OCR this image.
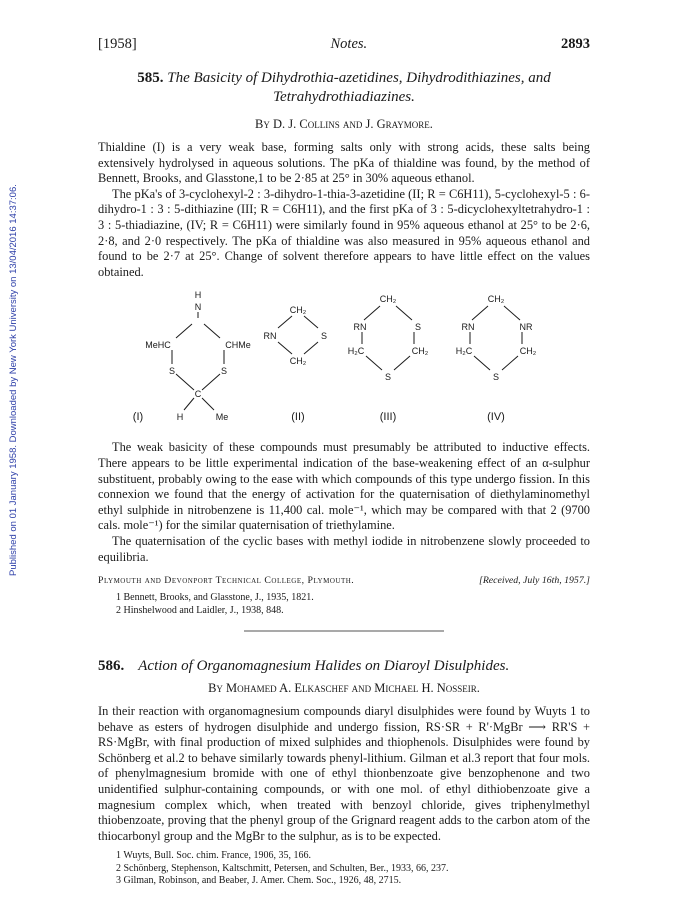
Published on 01 January 1958. Downloaded by New York University on 13/04/2016 14:37:06.
[1958]	Notes.	2893
585. The Basicity of Dihydrothia-azetidines, Dihydrodithiazines, and Tetrahydrothiadiazines.
By D. J. Collins and J. Graymore.

Thialdine (I) is a very weak base, forming salts only with strong acids, these salts being extensively hydrolysed in aqueous solutions. The pKa of thialdine was found, by the method of Bennett, Brooks, and Glasstone,1 to be 2·85 at 25° in 30% aqueous ethanol.

The pKa's of 3-cyclohexyl-2 : 3-dihydro-1-thia-3-azetidine (II; R = C6H11), 5-cyclohexyl-5 : 6-dihydro-1 : 3 : 5-dithiazine (III; R = C6H11), and the first pKa of 3 : 5-dicyclohexyltetrahydro-1 : 3 : 5-thiadiazine, (IV; R = C6H11) were similarly found in 95% aqueous ethanol at 25° to be 2·6, 2·8, and 2·0 respectively. The pKa of thialdine was also measured in 95% aqueous ethanol and found to be 2·7 at 25°. Change of solvent therefore appears to have little effect on the values obtained.

H
N
MeHC	CHMe
S	S
C
H	Me
CH₂
RN	S
CH₂
CH₂
RN	S
H₂C	CH₂
S
CH₂
RN	NR
H₂C	CH₂
S
(I)	(II)	(III)	(IV)

The weak basicity of these compounds must presumably be attributed to inductive effects. There appears to be little experimental indication of the base-weakening effect of an α-sulphur substituent, probably owing to the ease with which compounds of this type undergo fission. In this connexion we found that the energy of activation for the quaternisation of diethylaminomethyl ethyl sulphide in nitrobenzene is 11,400 cal. mole⁻¹, which may be compared with that 2 (9700 cals. mole⁻¹) for the similar quaternisation of triethylamine.

The quaternisation of the cyclic bases with methyl iodide in nitrobenzene slowly proceeded to equilibria.

Plymouth and Devonport Technical College, Plymouth.	[Received, July 16th, 1957.]
1 Bennett, Brooks, and Glasstone, J., 1935, 1821.
2 Hinshelwood and Laidler, J., 1938, 848.
586. Action of Organomagnesium Halides on Diaroyl Disulphides.
By Mohamed A. Elkaschef and Michael H. Nosseir.

In their reaction with organomagnesium compounds diaryl disulphides were found by Wuyts 1 to behave as esters of hydrogen disulphide and undergo fission, RS·SR + R'·MgBr ⟶ RR'S + RS·MgBr, with final production of mixed sulphides and thiophenols. Disulphides were found by Schönberg et al.2 to behave similarly towards phenyl-lithium. Gilman et al.3 report that four mols. of phenylmagnesium bromide with one of ethyl thionbenzoate give benzophenone and two unidentified sulphur-containing compounds, or with one mol. of ethyl dithiobenzoate give a magnesium complex which, when treated with benzoyl chloride, gives triphenylmethyl thiobenzoate, proving that the phenyl group of the Grignard reagent adds to the carbon atom of the thiocarbonyl group and the MgBr to the sulphur, as is to be expected.

1 Wuyts, Bull. Soc. chim. France, 1906, 35, 166.
2 Schönberg, Stephenson, Kaltschmitt, Petersen, and Schulten, Ber., 1933, 66, 237.
3 Gilman, Robinson, and Beaber, J. Amer. Chem. Soc., 1926, 48, 2715.
